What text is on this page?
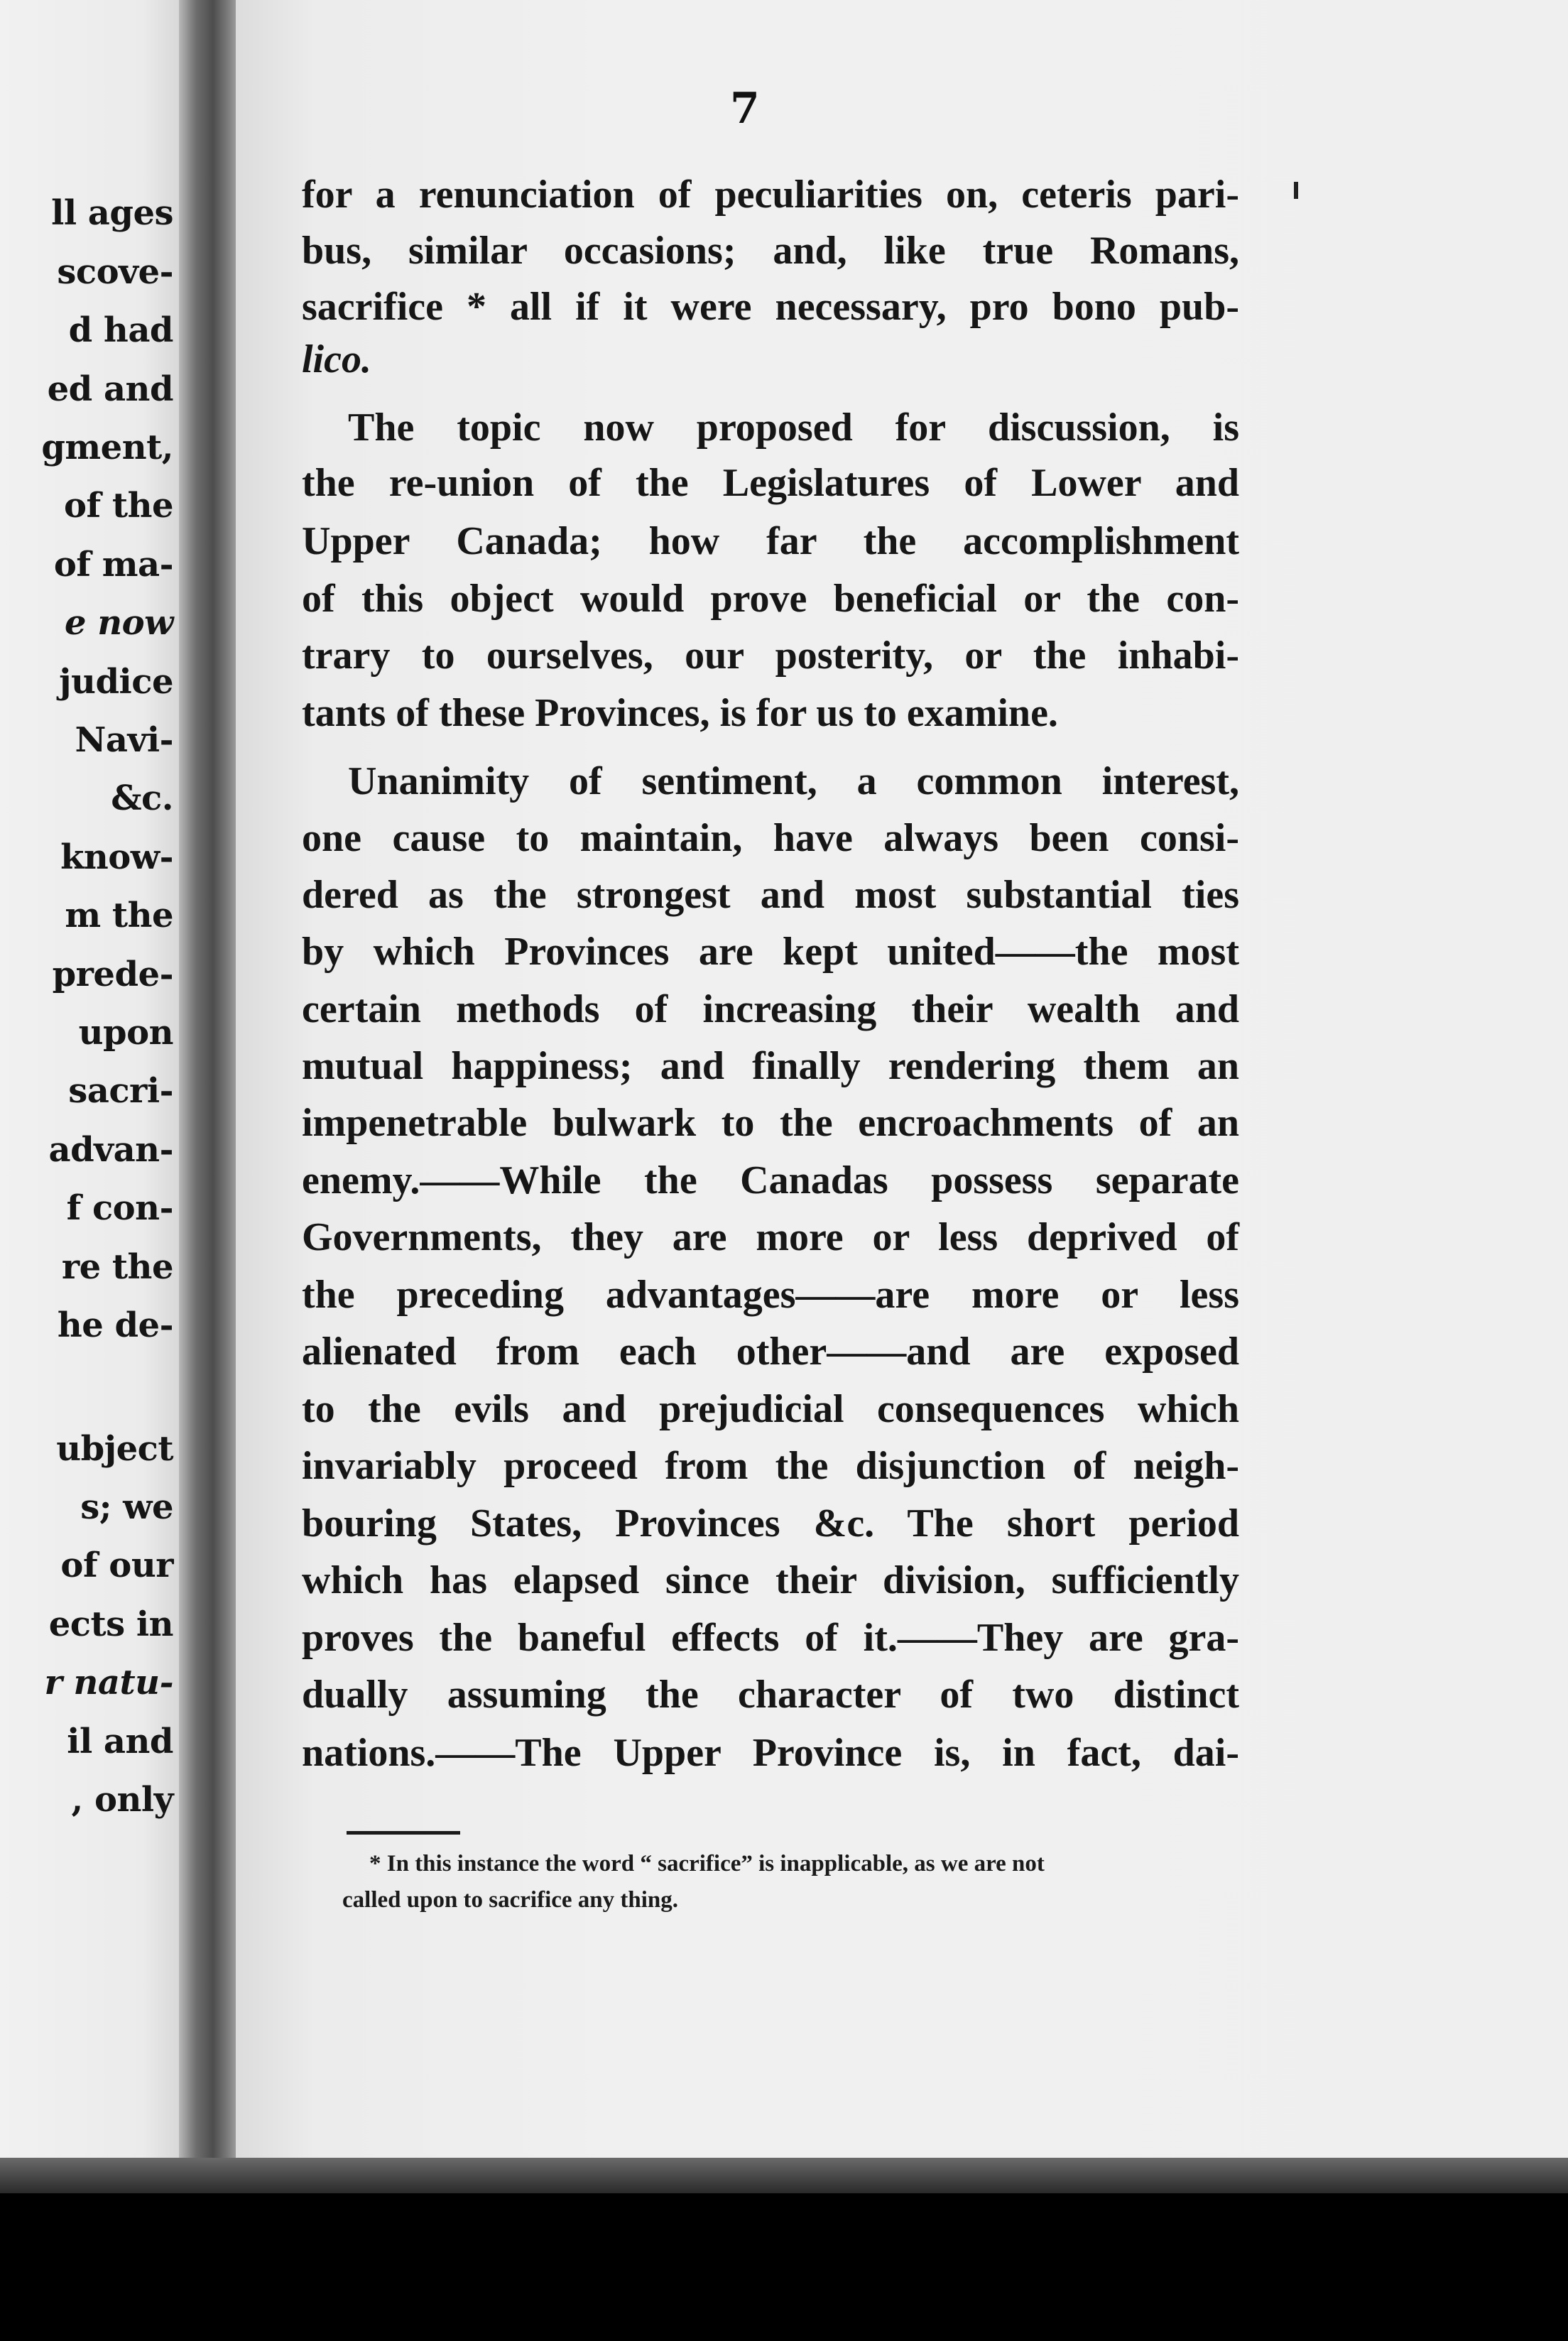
ll ages
scove-
d had
ed and
gment,
of the
of ma-
e now
judice
Navi-
&c.
know-
m the
prede-
upon
sacri-
advan-
f con-
re the
he de-
ubject
s; we
of our
ects in
r natu-
il and
, only
7
for a renunciation of peculiarities on, ceteris pari-
bus, similar occasions; and, like true Romans,
sacrifice * all if it were necessary, pro bono pub-
lico.
The topic now proposed for discussion, is
the re-union of the Legislatures of Lower and
Upper Canada; how far the accomplishment
of this object would prove beneficial or the con-
trary to ourselves, our posterity, or the inhabi-
tants of these Provinces, is for us to examine.
Unanimity of sentiment, a common interest,
one cause to maintain, have always been consi-
dered as the strongest and most substantial ties
by which Provinces are kept united——the most
certain methods of increasing their wealth and
mutual happiness; and finally rendering them an
impenetrable bulwark to the encroachments of an
enemy.——While the Canadas possess separate
Governments, they are more or less deprived of
the preceding advantages——are more or less
alienated from each other——and are exposed
to the evils and prejudicial consequences which
invariably proceed from the disjunction of neigh-
bouring States, Provinces &c. The short period
which has elapsed since their division, sufficiently
proves the baneful effects of it.——They are gra-
dually assuming the character of two distinct
nations.——The Upper Province is, in fact, dai-
* In this instance the word “ sacrifice” is inapplicable, as we are not
called upon to sacrifice any thing.
